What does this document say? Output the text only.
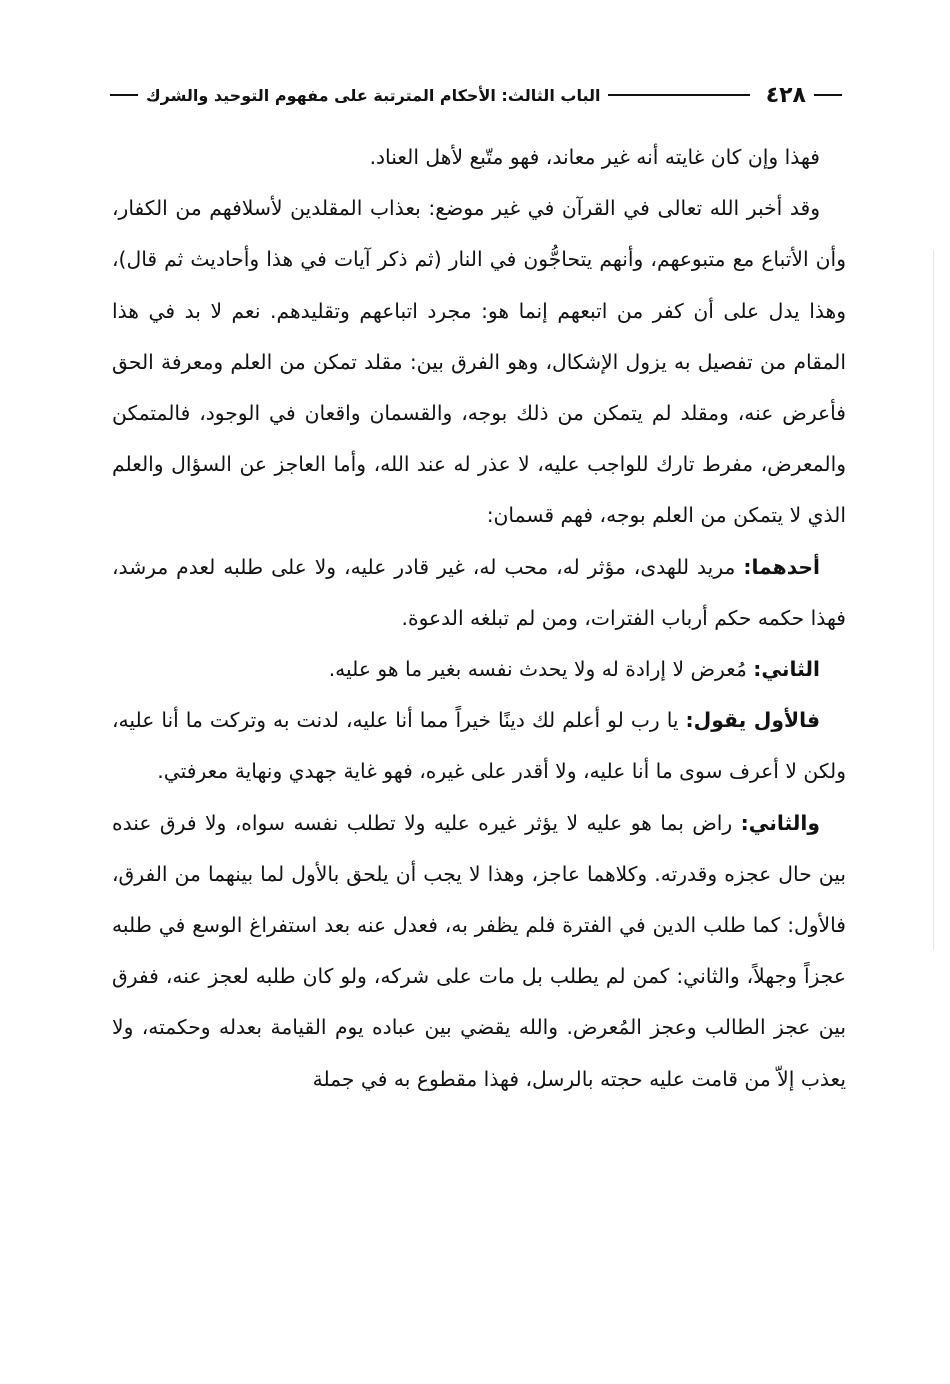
٤٢٨
الباب الثالث: الأحكام المترتبة على مفهوم التوحيد والشرك

فهذا وإن كان غايته أنه غير معاند، فهو متّبع لأهل العناد.

وقد أخبر الله تعالى في القرآن في غير موضع: بعذاب المقلدين لأسلافهم من الكفار، وأن الأتباع مع متبوعهم، وأنهم يتحاجُّون في النار (ثم ذكر آيات في هذا وأحاديث ثم قال)، وهذا يدل على أن كفر من اتبعهم إنما هو: مجرد اتباعهم وتقليدهم. نعم لا بد في هذا المقام من تفصيل به يزول الإشكال، وهو الفرق بين: مقلد تمكن من العلم ومعرفة الحق فأعرض عنه، ومقلد لم يتمكن من ذلك بوجه، والقسمان واقعان في الوجود، فالمتمكن والمعرض، مفرط تارك للواجب عليه، لا عذر له عند الله، وأما العاجز عن السؤال والعلم الذي لا يتمكن من العلم بوجه، فهم قسمان:

أحدهما: مريد للهدى، مؤثر له، محب له، غير قادر عليه، ولا على طلبه لعدم مرشد، فهذا حكمه حكم أرباب الفترات، ومن لم تبلغه الدعوة.

الثاني: مُعرض لا إرادة له ولا يحدث نفسه بغير ما هو عليه.

فالأول يقول: يا رب لو أعلم لك دينًا خيراً مما أنا عليه، لدنت به وتركت ما أنا عليه، ولكن لا أعرف سوى ما أنا عليه، ولا أقدر على غيره، فهو غاية جهدي ونهاية معرفتي.

والثاني: راض بما هو عليه لا يؤثر غيره عليه ولا تطلب نفسه سواه، ولا فرق عنده بين حال عجزه وقدرته. وكلاهما عاجز، وهذا لا يجب أن يلحق بالأول لما بينهما من الفرق، فالأول: كما طلب الدين في الفترة فلم يظفر به، فعدل عنه بعد استفراغ الوسع في طلبه عجزاً وجهلاً، والثاني: كمن لم يطلب بل مات على شركه، ولو كان طلبه لعجز عنه، ففرق بين عجز الطالب وعجز المُعرض. والله يقضي بين عباده يوم القيامة بعدله وحكمته، ولا يعذب إلاّ من قامت عليه حجته بالرسل، فهذا مقطوع به في جملة
